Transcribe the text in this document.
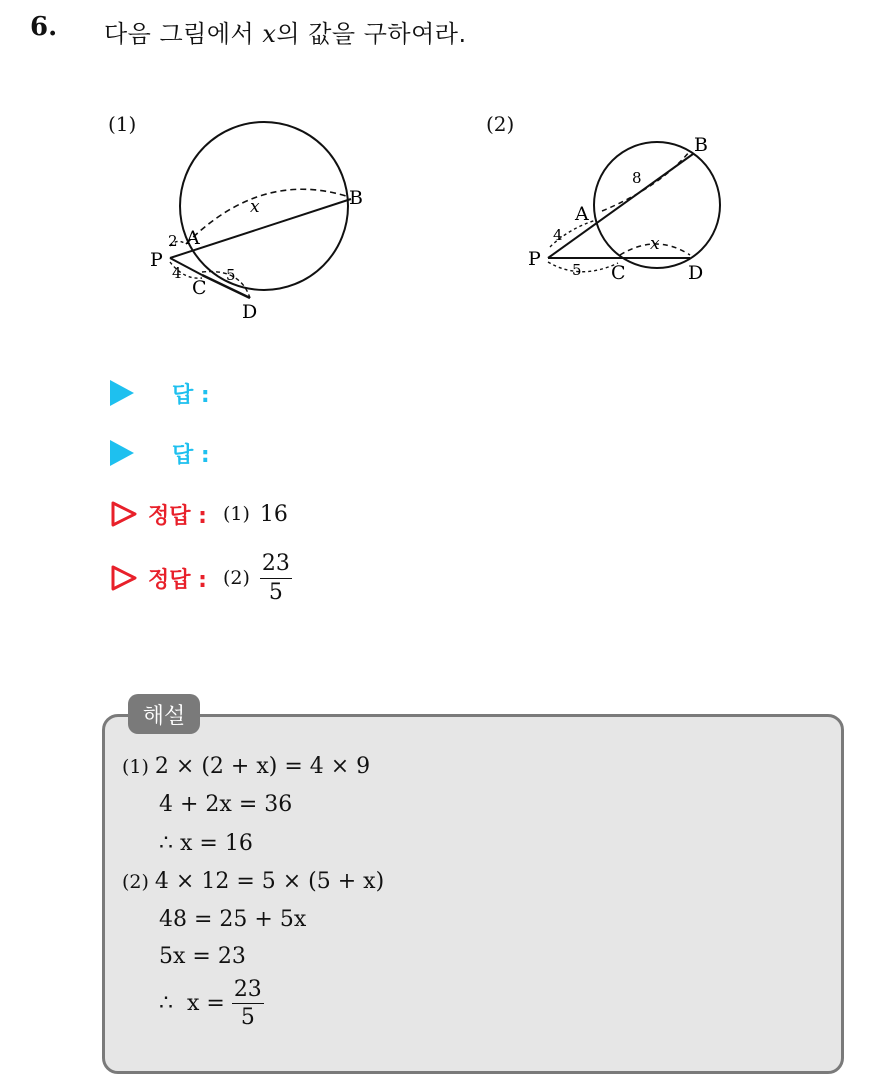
6. 다음 그림에서 x의 값을 구하여라.
(1)	(2)
P
A
B
C
D
2
x
4	5
P
A
B
C	D
4
8
5
x
답 :
답 :
정답 : (1) 16
정답 : $(2) \frac{23}{5}$
해설
(1) 2 × (2 + x) = 4 × 9
4 + 2x = 36
∴ x = 16
(2) 4 × 12 = 5 × (5 + x)
48 = 25 + 5x
5x = 23
∴  $x = \frac{23}{5}$
